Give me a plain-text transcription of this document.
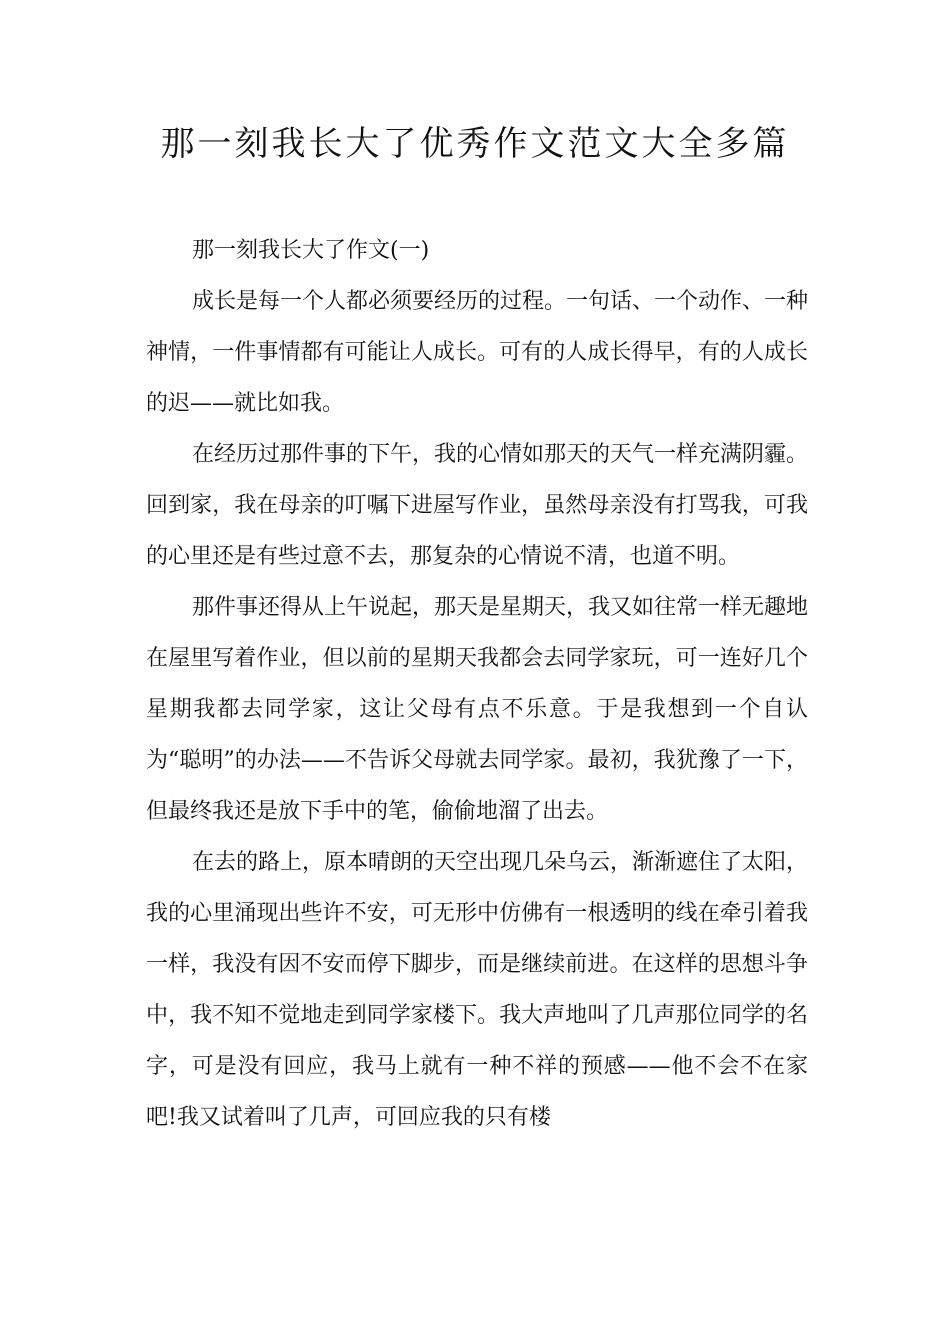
那一刻我长大了优秀作文范文大全多篇

那一刻我长大了作文(一)

成长是每一个人都必须要经历的过程。一句话、一个动作、一种神情，一件事情都有可能让人成长。可有的人成长得早，有的人成长的迟——就比如我。

在经历过那件事的下午，我的心情如那天的天气一样充满阴霾。回到家，我在母亲的叮嘱下进屋写作业，虽然母亲没有打骂我，可我的心里还是有些过意不去，那复杂的心情说不清，也道不明。

那件事还得从上午说起，那天是星期天，我又如往常一样无趣地在屋里写着作业，但以前的星期天我都会去同学家玩，可一连好几个星期我都去同学家，这让父母有点不乐意。于是我想到一个自认为“聪明”的办法——不告诉父母就去同学家。最初，我犹豫了一下，但最终我还是放下手中的笔，偷偷地溜了出去。

在去的路上，原本晴朗的天空出现几朵乌云，渐渐遮住了太阳，我的心里涌现出些许不安，可无形中仿佛有一根透明的线在牵引着我一样，我没有因不安而停下脚步，而是继续前进。在这样的思想斗争中，我不知不觉地走到同学家楼下。我大声地叫了几声那位同学的名字，可是没有回应，我马上就有一种不祥的预感——他不会不在家吧!我又试着叫了几声，可回应我的只有楼
